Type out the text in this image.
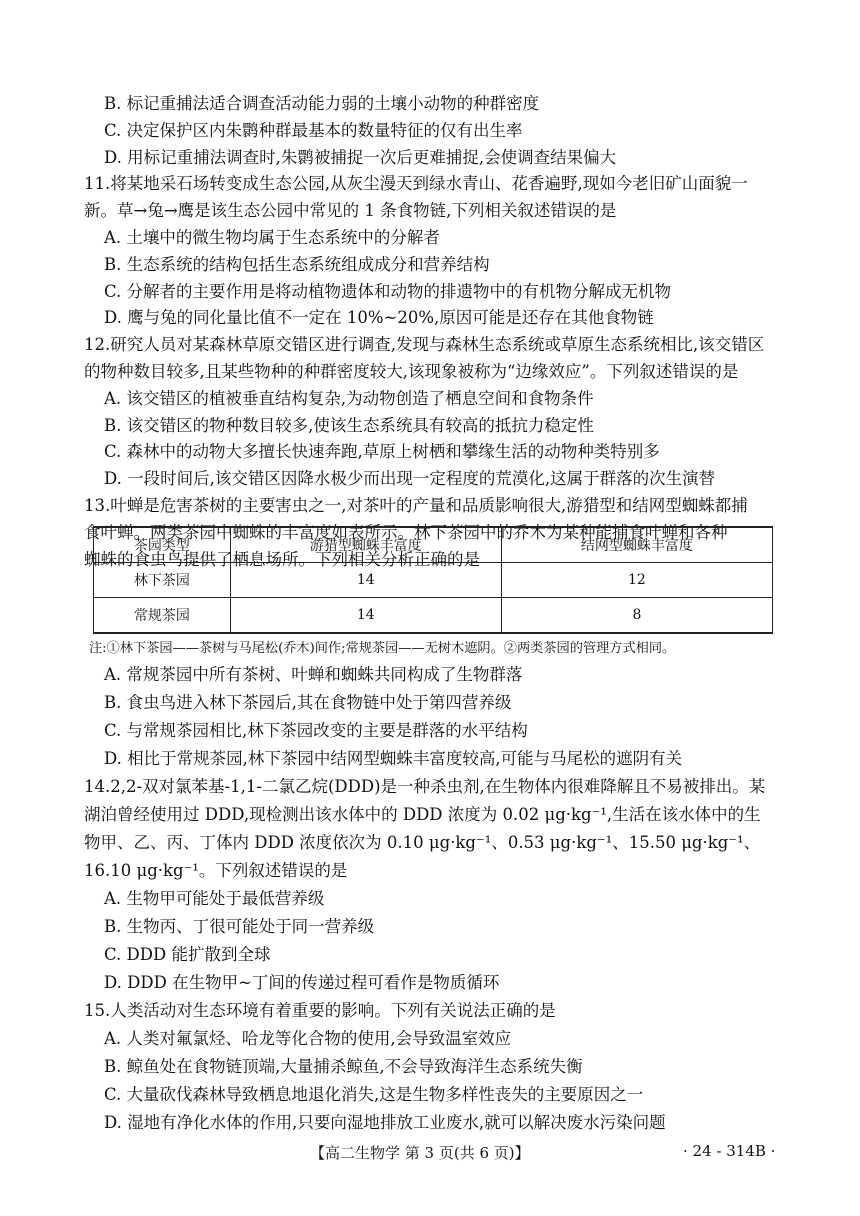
B. 标记重捕法适合调查活动能力弱的土壤小动物的种群密度
C. 决定保护区内朱鹮种群最基本的数量特征的仅有出生率
D. 用标记重捕法调查时,朱鹮被捕捉一次后更难捕捉,会使调查结果偏大
11.将某地采石场转变成生态公园,从灰尘漫天到绿水青山、花香遍野,现如今老旧矿山面貌一
新。草→兔→鹰是该生态公园中常见的 1 条食物链,下列相关叙述错误的是
A. 土壤中的微生物均属于生态系统中的分解者
B. 生态系统的结构包括生态系统组成成分和营养结构
C. 分解者的主要作用是将动植物遗体和动物的排遗物中的有机物分解成无机物
D. 鹰与兔的同化量比值不一定在 10%~20%,原因可能是还存在其他食物链
12.研究人员对某森林草原交错区进行调查,发现与森林生态系统或草原生态系统相比,该交错区
的物种数目较多,且某些物种的种群密度较大,该现象被称为“边缘效应”。下列叙述错误的是
A. 该交错区的植被垂直结构复杂,为动物创造了栖息空间和食物条件
B. 该交错区的物种数目较多,使该生态系统具有较高的抵抗力稳定性
C. 森林中的动物大多擅长快速奔跑,草原上树栖和攀缘生活的动物种类特别多
D. 一段时间后,该交错区因降水极少而出现一定程度的荒漠化,这属于群落的次生演替
13.叶蝉是危害茶树的主要害虫之一,对茶叶的产量和品质影响很大,游猎型和结网型蜘蛛都捕
食叶蝉。两类茶园中蜘蛛的丰富度如表所示。林下茶园中的乔木为某种能捕食叶蝉和各种
茶园类型	游猎型蜘蛛丰富度	结网型蜘蛛丰富度
林下茶园	14	12
常规茶园	14	8
注:①林下茶园——茶树与马尾松(乔木)间作;常规茶园——无树木遮阴。②两类茶园的管理方式相同。
A. 常规茶园中所有茶树、叶蝉和蜘蛛共同构成了生物群落
B. 食虫鸟进入林下茶园后,其在食物链中处于第四营养级
C. 与常规茶园相比,林下茶园改变的主要是群落的水平结构
D. 相比于常规茶园,林下茶园中结网型蜘蛛丰富度较高,可能与马尾松的遮阴有关
14.2,2-双对氯苯基-1,1-二氯乙烷(DDD)是一种杀虫剂,在生物体内很难降解且不易被排出。某
湖泊曾经使用过 DDD,现检测出该水体中的 DDD 浓度为 0.02 μg·kg⁻¹,生活在该水体中的生
物甲、乙、丙、丁体内 DDD 浓度依次为 0.10 μg·kg⁻¹、0.53 μg·kg⁻¹、15.50 μg·kg⁻¹、
16.10 μg·kg⁻¹。下列叙述错误的是
A. 生物甲可能处于最低营养级
B. 生物丙、丁很可能处于同一营养级
C. DDD 能扩散到全球
D. DDD 在生物甲~丁间的传递过程可看作是物质循环
15.人类活动对生态环境有着重要的影响。下列有关说法正确的是
A. 人类对氟氯烃、哈龙等化合物的使用,会导致温室效应
B. 鲸鱼处在食物链顶端,大量捕杀鲸鱼,不会导致海洋生态系统失衡
C. 大量砍伐森林导致栖息地退化消失,这是生物多样性丧失的主要原因之一
D. 湿地有净化水体的作用,只要向湿地排放工业废水,就可以解决废水污染问题
【高二生物学 第 3 页(共 6 页)】	· 24 - 314B ·
蜘蛛的食虫鸟提供了栖息场所。下列相关分析正确的是
